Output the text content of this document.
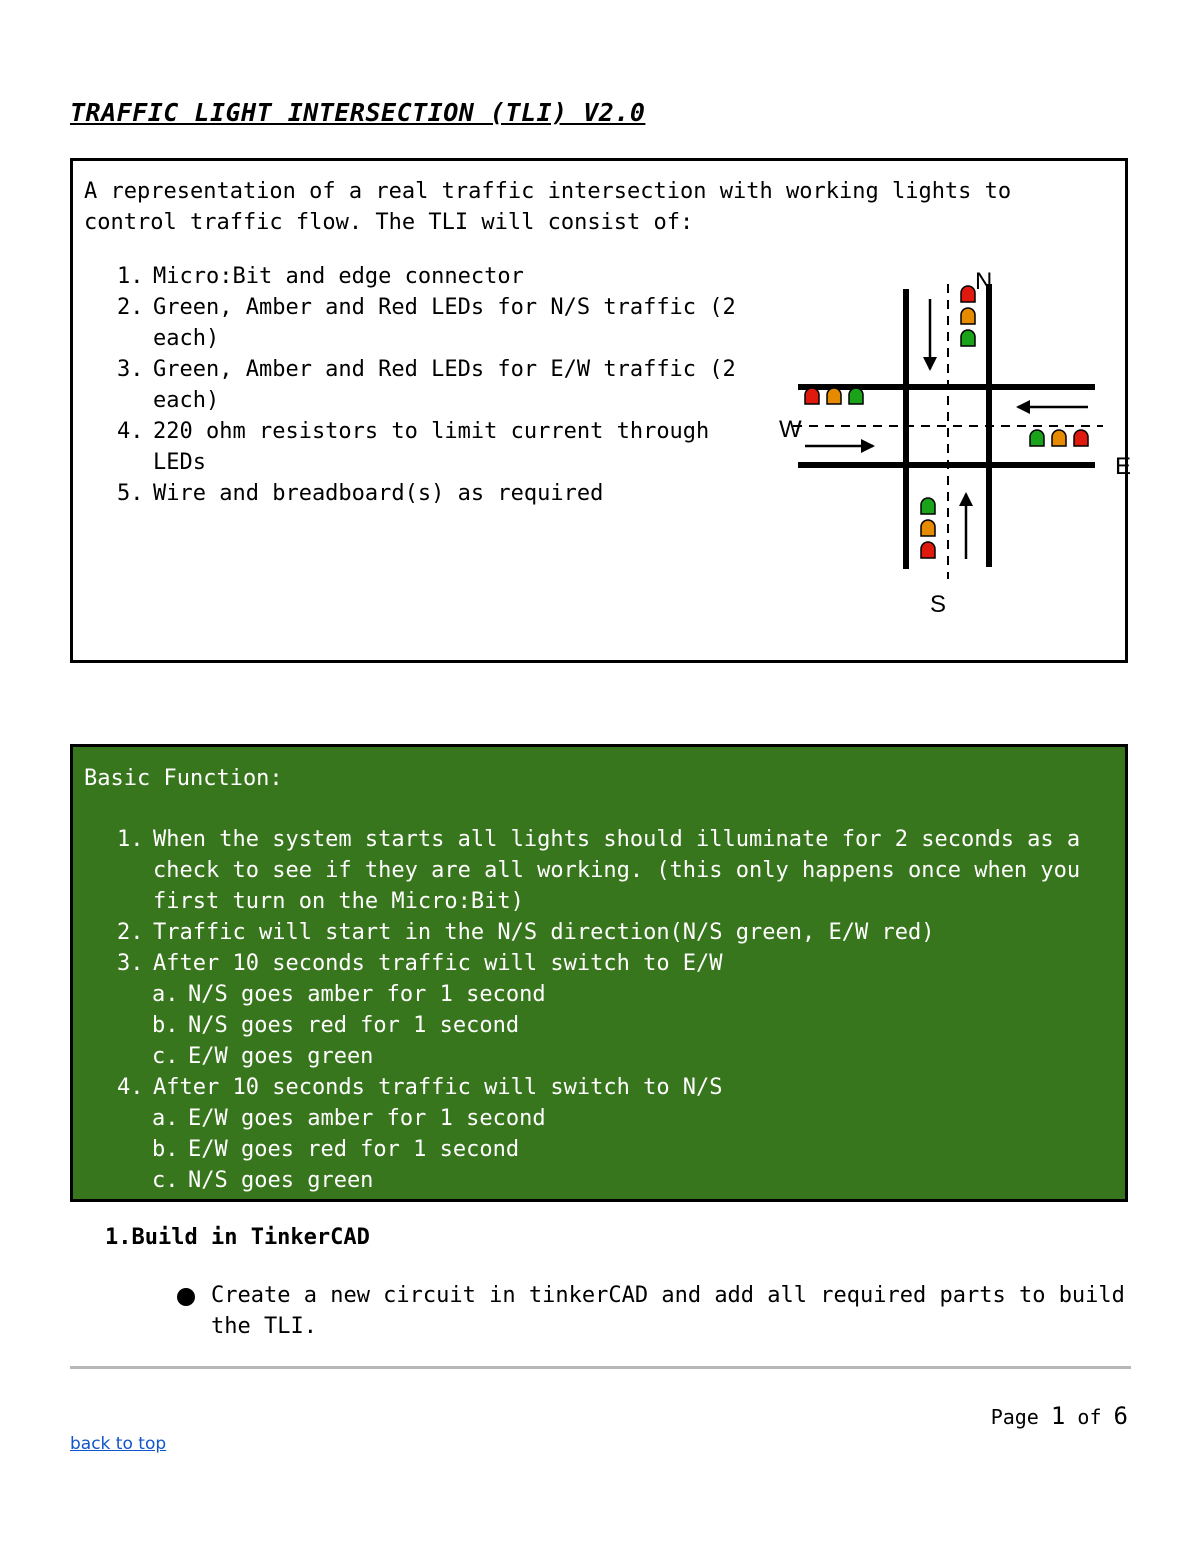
TRAFFIC LIGHT INTERSECTION (TLI) V2.0

A representation of a real traffic intersection with working lights to control traffic flow. The TLI will consist of:

1. Micro:Bit and edge connector
2. Green, Amber and Red LEDs for N/S traffic (2 each)
3. Green, Amber and Red LEDs for E/W traffic (2 each)
4. 220 ohm resistors to limit current through LEDs
5. Wire and breadboard(s) as required
N
S
W
E

Basic Function:

1. When the system starts all lights should illuminate for 2 seconds as a check to see if they are all working. (this only happens once when you first turn on the Micro:Bit)
2. Traffic will start in the N/S direction(N/S green, E/W red)
3. After 10 seconds traffic will switch to E/W
a. N/S goes amber for 1 second
b. N/S goes red for 1 second
c. E/W goes green
4. After 10 seconds traffic will switch to N/S
a. E/W goes amber for 1 second
b. E/W goes red for 1 second
c. N/S goes green
1.Build in TinkerCAD
Create a new circuit in tinkerCAD and add all required parts to build the TLI.
Page 1 of 6
back to top
